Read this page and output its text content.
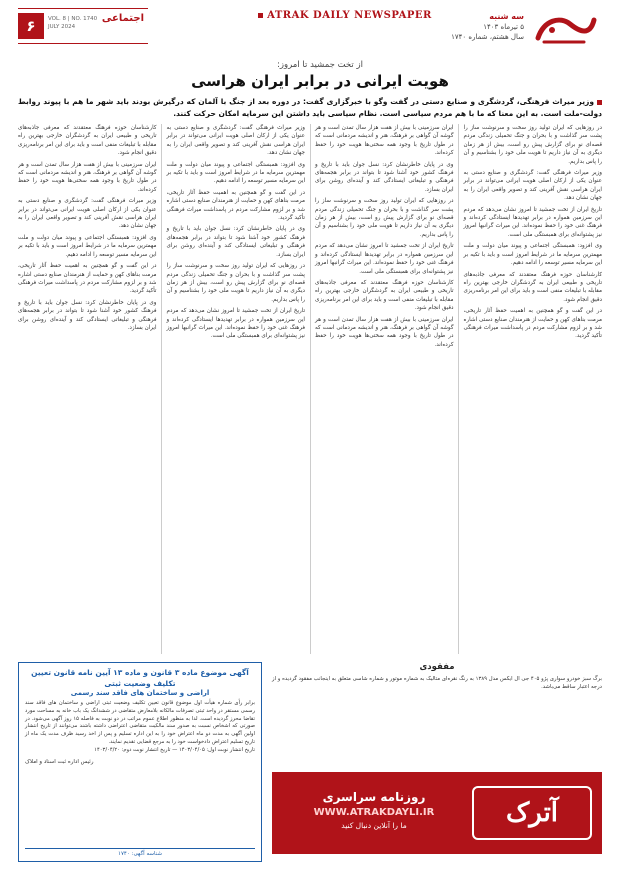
سه شنبه
۵ تیرماه ۱۴۰۳
سال هشتم، شماره ۱۷۴۰
ATRAK DAILY NEWSPAPER
۶	VOL. 8 | NO. 1740
JULY 2024
اجتماعی
از تخت جمشید تا امروز:
هویت ایرانی در برابر ایران هراسی
وزیر میراث فرهنگی، گردشگری و صنایع دستی در گفت وگو با خبرگزاری گفت: در دوره بعد از جنگ با آلمان که درگیرش بودند باید شهر ما هم با پیوند روابط دولت-ملت است. به این معنا که ما با هم مردم سیاسی است. نظام سیاسی باید داشتن این سرمایه امکان حرکت کنند.

در روزهایی که ایران تولید روز سخت و سرنوشت ساز را پشت سر گذاشت و با بحران و جنگ تحمیلی زندگی مردم قصه‌ای نو برای گزارش پیش رو است، بیش از هر زمان دیگری به آن نیاز داریم تا هویت ملی خود را بشناسیم و آن را پاس بداریم.

وزیر میراث فرهنگی گفت: گردشگری و صنایع دستی به عنوان یکی از ارکان اصلی هویت ایرانی می‌تواند در برابر ایران هراسی نقش آفرینی کند و تصویر واقعی ایران را به جهان نشان دهد.

تاریخ ایران از تخت جمشید تا امروز نشان می‌دهد که مردم این سرزمین همواره در برابر تهدیدها ایستادگی کرده‌اند و فرهنگ غنی خود را حفظ نموده‌اند. این میراث گرانبها امروز نیز پشتوانه‌ای برای همبستگی ملی است.

وی افزود: همبستگی اجتماعی و پیوند میان دولت و ملت مهمترین سرمایه ما در شرایط امروز است و باید با تکیه بر این سرمایه مسیر توسعه را ادامه دهیم.

کارشناسان حوزه فرهنگ معتقدند که معرفی جاذبه‌های تاریخی و طبیعی ایران به گردشگران خارجی بهترین راه مقابله با تبلیغات منفی است و باید برای این امر برنامه‌ریزی دقیق انجام شود.

در این گفت و گو همچنین به اهمیت حفظ آثار تاریخی، مرمت بناهای کهن و حمایت از هنرمندان صنایع دستی اشاره شد و بر لزوم مشارکت مردم در پاسداشت میراث فرهنگی تأکید گردید.

ایران سرزمینی با بیش از هفت هزار سال تمدن است و هر گوشه آن گواهی بر فرهنگ، هنر و اندیشه مردمانی است که در طول تاریخ با وجود همه سختی‌ها هویت خود را حفظ کرده‌اند.

وی در پایان خاطرنشان کرد: نسل جوان باید با تاریخ و فرهنگ کشور خود آشنا شود تا بتواند در برابر هجمه‌های فرهنگی و تبلیغاتی ایستادگی کند و آینده‌ای روشن برای ایران بسازد.

در روزهایی که ایران تولید روز سخت و سرنوشت ساز را پشت سر گذاشت و با بحران و جنگ تحمیلی زندگی مردم قصه‌ای نو برای گزارش پیش رو است، بیش از هر زمان دیگری به آن نیاز داریم تا هویت ملی خود را بشناسیم و آن را پاس بداریم.

تاریخ ایران از تخت جمشید تا امروز نشان می‌دهد که مردم این سرزمین همواره در برابر تهدیدها ایستادگی کرده‌اند و فرهنگ غنی خود را حفظ نموده‌اند. این میراث گرانبها امروز نیز پشتوانه‌ای برای همبستگی ملی است.

کارشناسان حوزه فرهنگ معتقدند که معرفی جاذبه‌های تاریخی و طبیعی ایران به گردشگران خارجی بهترین راه مقابله با تبلیغات منفی است و باید برای این امر برنامه‌ریزی دقیق انجام شود.

ایران سرزمینی با بیش از هفت هزار سال تمدن است و هر گوشه آن گواهی بر فرهنگ، هنر و اندیشه مردمانی است که در طول تاریخ با وجود همه سختی‌ها هویت خود را حفظ کرده‌اند.

وزیر میراث فرهنگی گفت: گردشگری و صنایع دستی به عنوان یکی از ارکان اصلی هویت ایرانی می‌تواند در برابر ایران هراسی نقش آفرینی کند و تصویر واقعی ایران را به جهان نشان دهد.

وی افزود: همبستگی اجتماعی و پیوند میان دولت و ملت مهمترین سرمایه ما در شرایط امروز است و باید با تکیه بر این سرمایه مسیر توسعه را ادامه دهیم.

در این گفت و گو همچنین به اهمیت حفظ آثار تاریخی، مرمت بناهای کهن و حمایت از هنرمندان صنایع دستی اشاره شد و بر لزوم مشارکت مردم در پاسداشت میراث فرهنگی تأکید گردید.

وی در پایان خاطرنشان کرد: نسل جوان باید با تاریخ و فرهنگ کشور خود آشنا شود تا بتواند در برابر هجمه‌های فرهنگی و تبلیغاتی ایستادگی کند و آینده‌ای روشن برای ایران بسازد.

در روزهایی که ایران تولید روز سخت و سرنوشت ساز را پشت سر گذاشت و با بحران و جنگ تحمیلی زندگی مردم قصه‌ای نو برای گزارش پیش رو است، بیش از هر زمان دیگری به آن نیاز داریم تا هویت ملی خود را بشناسیم و آن را پاس بداریم.

تاریخ ایران از تخت جمشید تا امروز نشان می‌دهد که مردم این سرزمین همواره در برابر تهدیدها ایستادگی کرده‌اند و فرهنگ غنی خود را حفظ نموده‌اند. این میراث گرانبها امروز نیز پشتوانه‌ای برای همبستگی ملی است.

کارشناسان حوزه فرهنگ معتقدند که معرفی جاذبه‌های تاریخی و طبیعی ایران به گردشگران خارجی بهترین راه مقابله با تبلیغات منفی است و باید برای این امر برنامه‌ریزی دقیق انجام شود.

ایران سرزمینی با بیش از هفت هزار سال تمدن است و هر گوشه آن گواهی بر فرهنگ، هنر و اندیشه مردمانی است که در طول تاریخ با وجود همه سختی‌ها هویت خود را حفظ کرده‌اند.

وزیر میراث فرهنگی گفت: گردشگری و صنایع دستی به عنوان یکی از ارکان اصلی هویت ایرانی می‌تواند در برابر ایران هراسی نقش آفرینی کند و تصویر واقعی ایران را به جهان نشان دهد.

وی افزود: همبستگی اجتماعی و پیوند میان دولت و ملت مهمترین سرمایه ما در شرایط امروز است و باید با تکیه بر این سرمایه مسیر توسعه را ادامه دهیم.

در این گفت و گو همچنین به اهمیت حفظ آثار تاریخی، مرمت بناهای کهن و حمایت از هنرمندان صنایع دستی اشاره شد و بر لزوم مشارکت مردم در پاسداشت میراث فرهنگی تأکید گردید.

وی در پایان خاطرنشان کرد: نسل جوان باید با تاریخ و فرهنگ کشور خود آشنا شود تا بتواند در برابر هجمه‌های فرهنگی و تبلیغاتی ایستادگی کند و آینده‌ای روشن برای ایران بسازد.

مفقودی
برگ سبز خودرو سواری پژو ۴۰۵ جی ال ایکس مدل ۱۳۸۹ به رنگ نقره‌ای متالیک به شماره موتور و شماره شاسی متعلق به اینجانب مفقود گردیده و از درجه اعتبار ساقط می‌باشد.
آترک
روزنامه سراسری
WWW.ATRAKDAYLI.IR
ما را آنلاین دنبال کنید
آگهی موضوع ماده ۳ قانون و ماده ۱۳ آیین نامه قانون تعیین تکلیف وضعیت ثبتی
اراضی و ساختمان های فاقد سند رسمی
برابر رأی شماره هیأت اول موضوع قانون تعیین تکلیف وضعیت ثبتی اراضی و ساختمان های فاقد سند رسمی مستقر در واحد ثبتی تصرفات مالکانه بلامعارض متقاضی در ششدانگ یک باب خانه به مساحت مورد تقاضا محرز گردیده است. لذا به منظور اطلاع عموم مراتب در دو نوبت به فاصله ۱۵ روز آگهی می‌شود. در صورتی که اشخاص نسبت به صدور سند مالکیت متقاضی اعتراضی داشته باشند می‌توانند از تاریخ انتشار اولین آگهی به مدت دو ماه اعتراض خود را به این اداره تسلیم و پس از اخذ رسید ظرف مدت یک ماه از تاریخ تسلیم اعتراض دادخواست خود را به مرجع قضایی تقدیم نمایند.
تاریخ انتشار نوبت اول: ۱۴۰۳/۰۴/۰۵ — تاریخ انتشار نوبت دوم: ۱۴۰۳/۰۴/۲۰
رئیس اداره ثبت اسناد و املاک
شناسه آگهی: ۱۷۴۰
